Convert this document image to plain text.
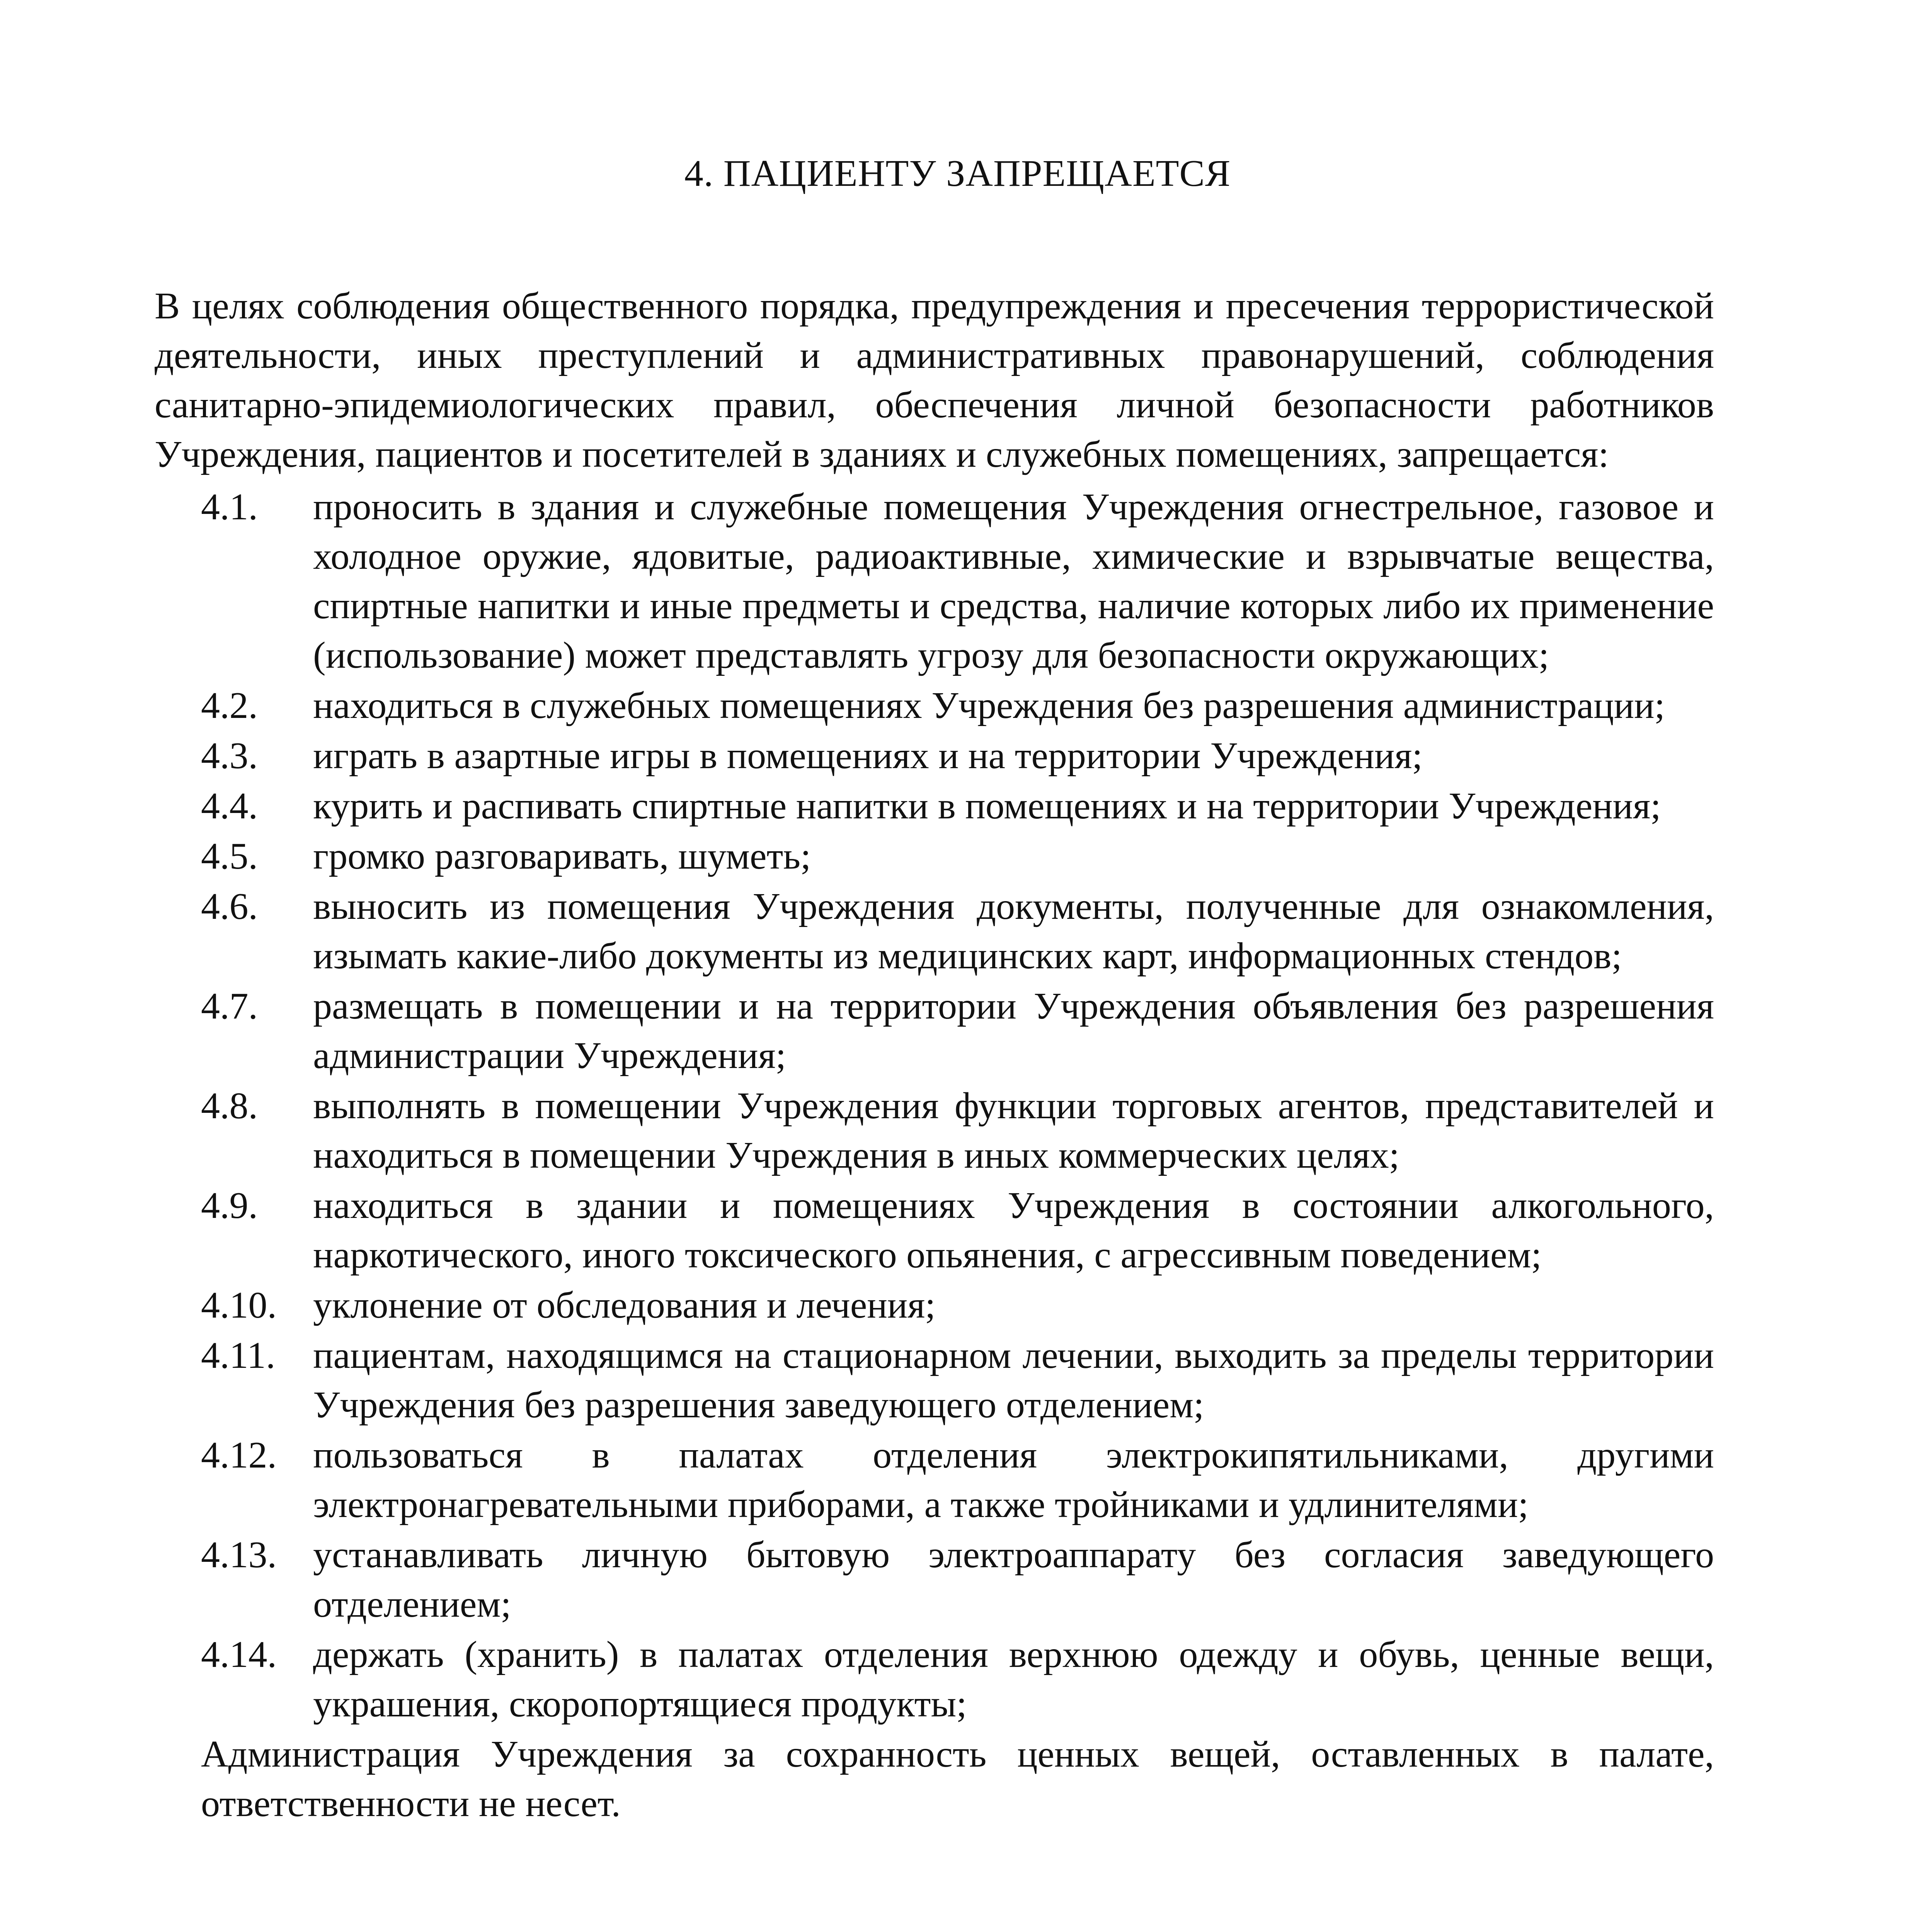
4. ПАЦИЕНТУ ЗАПРЕЩАЕТСЯ

В целях соблюдения общественного порядка, предупреждения и пресечения террористической деятельности, иных преступлений и административных правонарушений, соблюдения санитарно-эпидемиологических правил, обеспечения личной безопасности работников Учреждения, пациентов и посетителей в зданиях и служебных помещениях, запрещается:

4.1. проносить в здания и служебные помещения Учреждения огнестрельное, газовое и холодное оружие, ядовитые, радиоактивные, химические и взрывчатые вещества, спиртные напитки и иные предметы и средства, наличие которых либо их применение (использование) может представлять угрозу для безопасности окружающих;
4.2. находиться в служебных помещениях Учреждения без разрешения администрации;
4.3. играть в азартные игры в помещениях и на территории Учреждения;
4.4. курить и распивать спиртные напитки в помещениях и на территории Учреждения;
4.5. громко разговаривать, шуметь;
4.6. выносить из помещения Учреждения документы, полученные для ознакомления, изымать какие-либо документы из медицинских карт, информационных стендов;
4.7. размещать в помещении и на территории Учреждения объявления без разрешения администрации Учреждения;
4.8. выполнять в помещении Учреждения функции торговых агентов, представителей и находиться в помещении Учреждения в иных коммерческих целях;
4.9. находиться в здании и помещениях Учреждения в состоянии алкогольного, наркотического, иного токсического опьянения, с агрессивным поведением;
4.10. уклонение от обследования и лечения;
4.11. пациентам, находящимся на стационарном лечении, выходить за пределы территории Учреждения без разрешения заведующего отделением;
4.12. пользоваться в палатах отделения электрокипятильниками, другими электронагревательными приборами, а также тройниками и удлинителями;
4.13. устанавливать личную бытовую электроаппарату без согласия заведующего отделением;
4.14. держать (хранить) в палатах отделения верхнюю одежду и обувь, ценные вещи, украшения, скоропортящиеся продукты;

Администрация Учреждения за сохранность ценных вещей, оставленных в палате, ответственности не несет.
